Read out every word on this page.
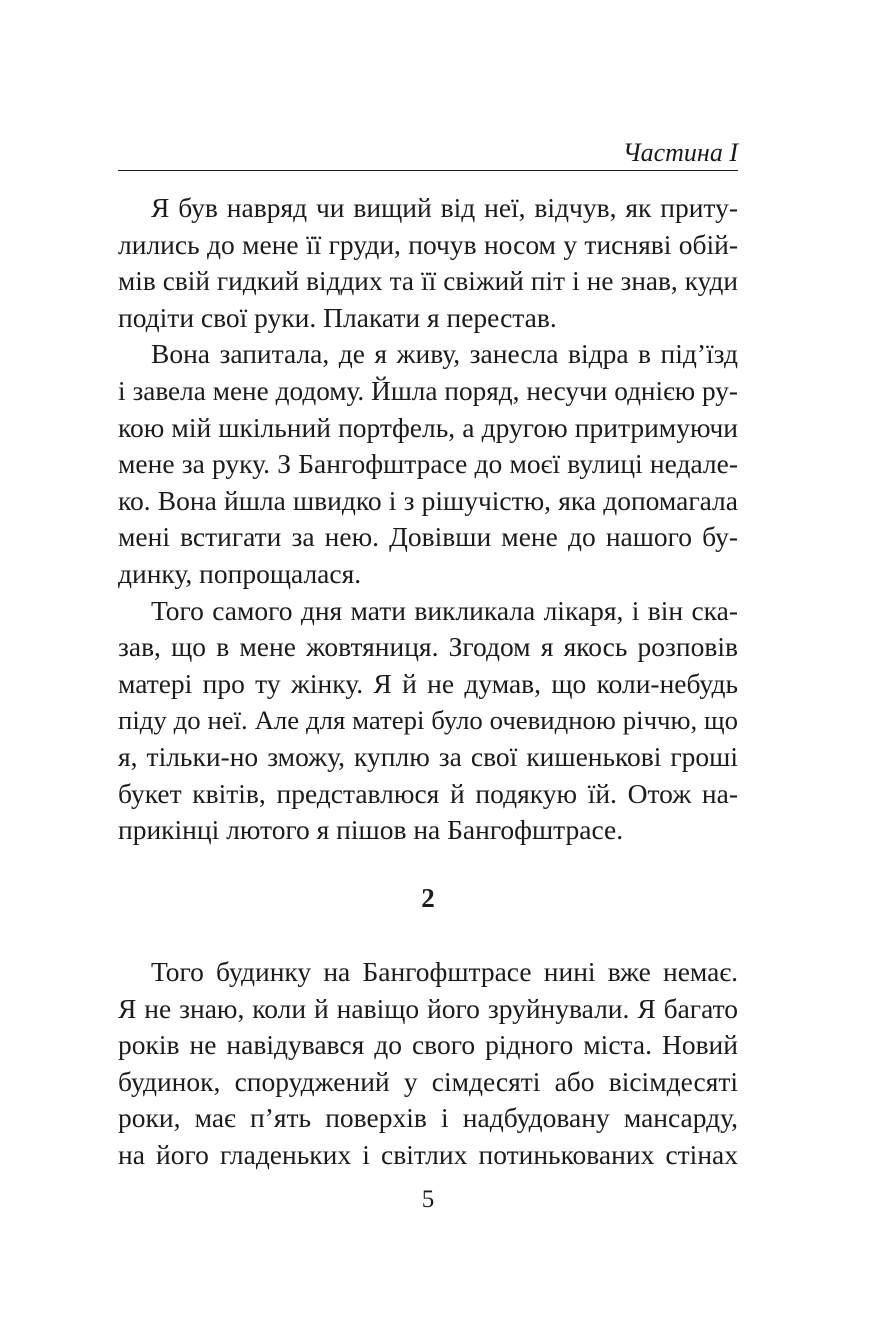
Частина I
Я був навряд чи вищий від неї, відчув, як приту-
лились до мене її груди, почув носом у тисняві обій-
мів свій гидкий віддих та її свіжий піт і не знав, куди
подіти свої руки. Плакати я перестав.
Вона запитала, де я живу, занесла відра в під’їзд
і завела мене додому. Йшла поряд, несучи однією ру-
кою мій шкільний портфель, а другою притримуючи
мене за руку. З Бангофштрасе до моєї вулиці недале-
ко. Вона йшла швидко і з рішучістю, яка допомагала
мені встигати за нею. Довівши мене до нашого бу-
динку, попрощалася.
Того самого дня мати викликала лікаря, і він ска-
зав, що в мене жовтяниця. Згодом я якось розповів
матері про ту жінку. Я й не думав, що коли-небудь
піду до неї. Але для матері було очевидною річчю, що
я, тільки-но зможу, куплю за свої кишенькові гроші
букет квітів, представлюся й подякую їй. Отож на-
прикінці лютого я пішов на Бангофштрасе.
2
Того будинку на Бангофштрасе нині вже немає.
Я не знаю, коли й навіщо його зруйнували. Я багато
років не навідувався до свого рідного міста. Новий
будинок, споруджений у сімдесяті або вісімдесяті
роки, має п’ять поверхів і надбудовану мансарду,
на його гладеньких і світлих потинькованих стінах
5
